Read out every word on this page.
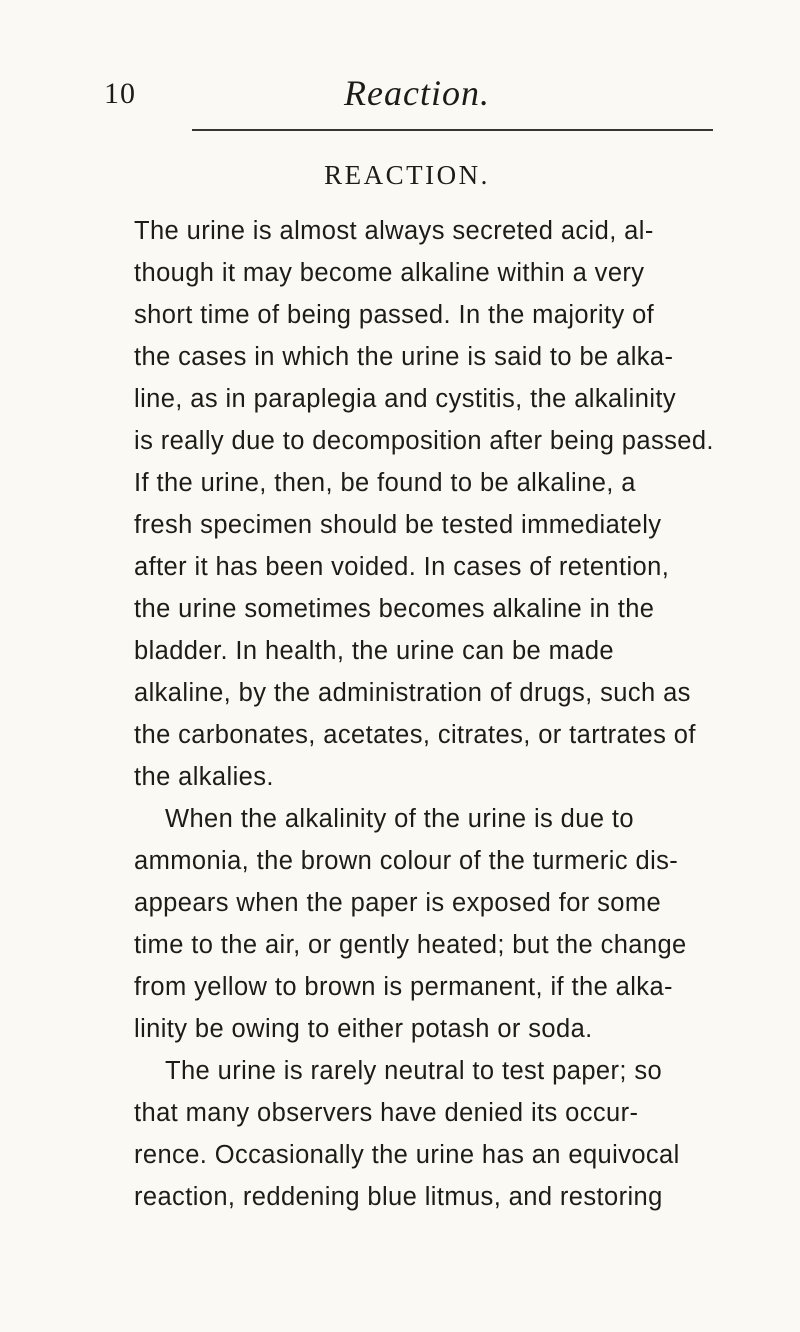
10	Reaction.
REACTION.
The urine is almost always secreted acid, al-
though it may become alkaline within a very
short time of being passed. In the majority of
the cases in which the urine is said to be alka-
line, as in paraplegia and cystitis, the alkalinity
is really due to decomposition after being passed.
If the urine, then, be found to be alkaline, a
fresh specimen should be tested immediately
after it has been voided. In cases of retention,
the urine sometimes becomes alkaline in the
bladder. In health, the urine can be made
alkaline, by the administration of drugs, such as
the carbonates, acetates, citrates, or tartrates of
the alkalies.
When the alkalinity of the urine is due to
ammonia, the brown colour of the turmeric dis-
appears when the paper is exposed for some
time to the air, or gently heated; but the change
from yellow to brown is permanent, if the alka-
linity be owing to either potash or soda.
The urine is rarely neutral to test paper; so
that many observers have denied its occur-
rence. Occasionally the urine has an equivocal
reaction, reddening blue litmus, and restoring
